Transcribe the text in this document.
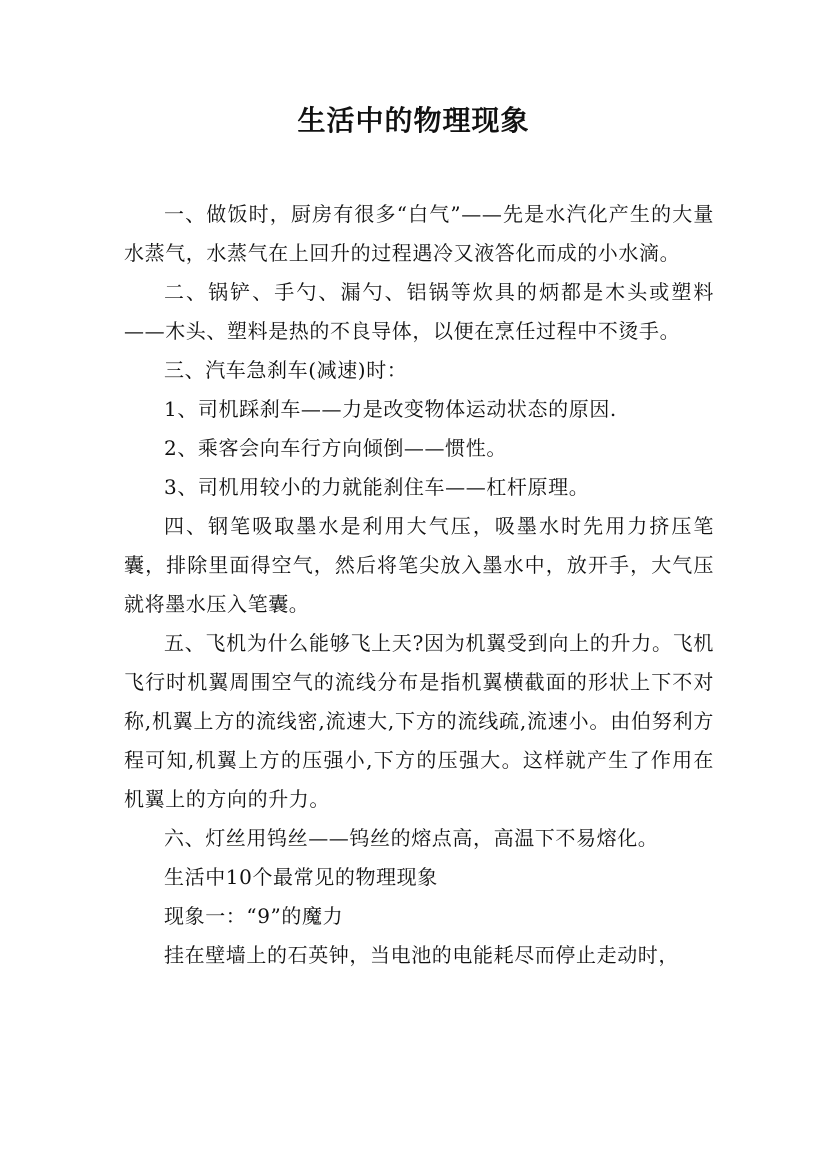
生活中的物理现象

一、做饭时，厨房有很多“白气”——先是水汽化产生的大量水蒸气，水蒸气在上回升的过程遇冷又液答化而成的小水滴。

二、锅铲、手勺、漏勺、铝锅等炊具的炳都是木头或塑料——木头、塑料是热的不良导体，以便在烹任过程中不烫手。

三、汽车急刹车(减速)时：

1、司机踩刹车——力是改变物体运动状态的原因.

2、乘客会向车行方向倾倒——惯性。

3、司机用较小的力就能刹住车——杠杆原理。

四、钢笔吸取墨水是利用大气压，吸墨水时先用力挤压笔囊，排除里面得空气，然后将笔尖放入墨水中，放开手，大气压就将墨水压入笔囊。

五、飞机为什么能够飞上天?因为机翼受到向上的升力。飞机飞行时机翼周围空气的流线分布是指机翼横截面的形状上下不对称,机翼上方的流线密,流速大,下方的流线疏,流速小。由伯努利方程可知,机翼上方的压强小,下方的压强大。这样就产生了作用在机翼上的方向的升力。

六、灯丝用钨丝——钨丝的熔点高，高温下不易熔化。

生活中10个最常见的物理现象

现象一：“9”的魔力

挂在壁墙上的石英钟，当电池的电能耗尽而停止走动时，
